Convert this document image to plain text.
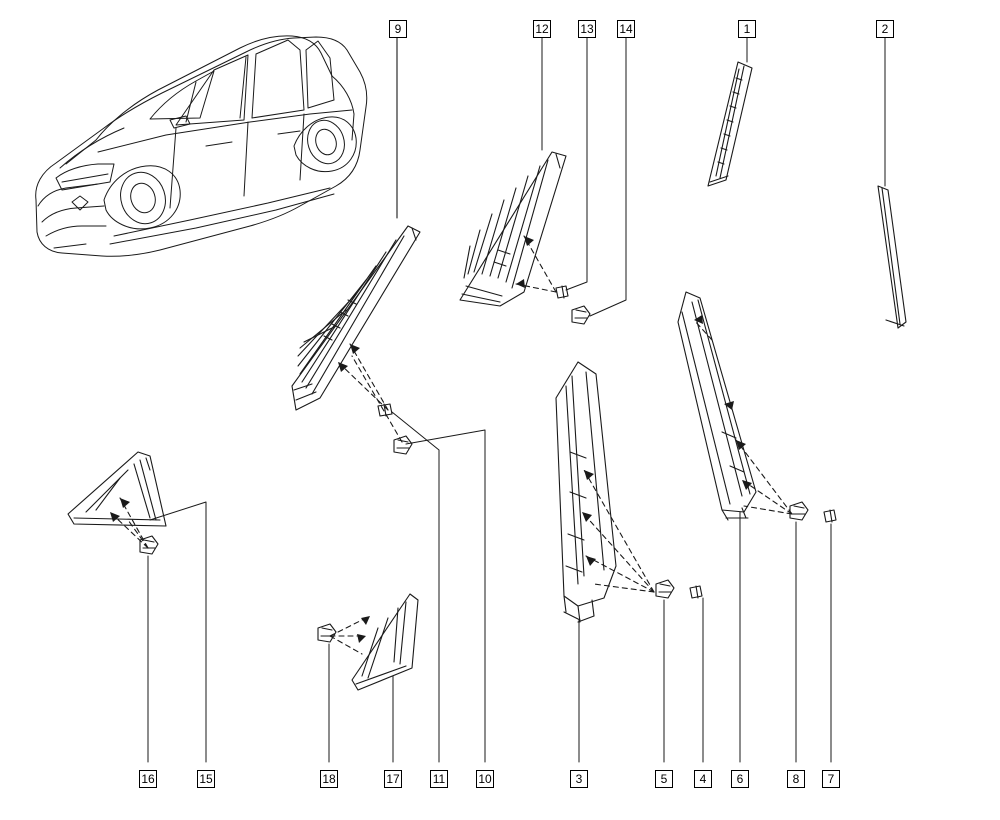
9	12	13 14	1	2
16	15	18	17	11	10	3	5	4	6	8	7
